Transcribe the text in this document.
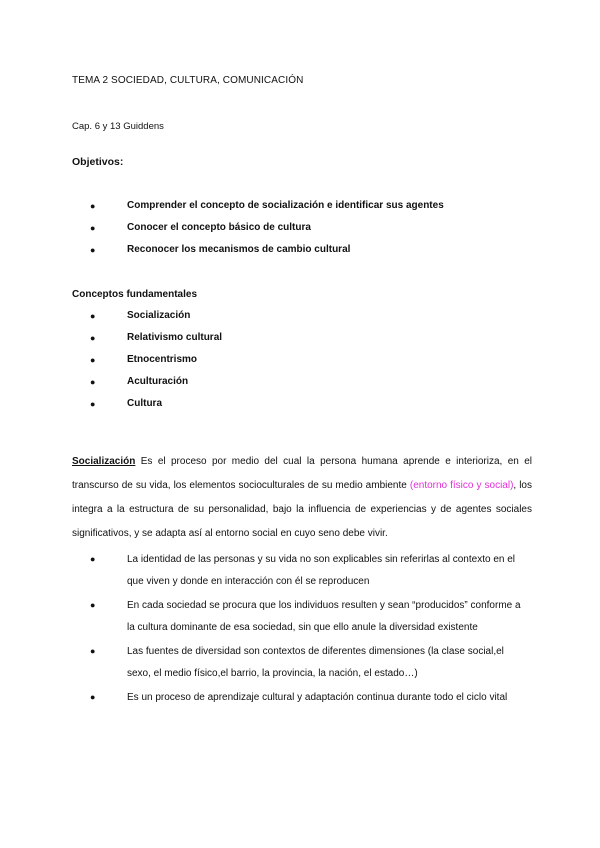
TEMA 2 SOCIEDAD, CULTURA, COMUNICACIÓN
Cap. 6 y 13 Guiddens
Objetivos:
●	Comprender el concepto de socialización e identificar sus agentes
●	Conocer el concepto básico de cultura
●	Reconocer los mecanismos de cambio cultural
Conceptos fundamentales
●	Socialización
●	Relativismo cultural
●	Etnocentrismo
●	Aculturación
●	Cultura

Socialización Es el proceso por medio del cual la persona humana aprende e interioriza, en el transcurso de su vida, los elementos socioculturales de su medio ambiente (entorno físico y social), los integra a la estructura de su personalidad, bajo la influencia de experiencias y de agentes sociales significativos, y se adapta así al entorno social en cuyo seno debe vivir.

●	La identidad de las personas y su vida no son explicables sin referirlas al contexto en el que viven y donde en interacción con él se reproducen
●	En cada sociedad se procura que los individuos resulten y sean “producidos” conforme a la cultura dominante de esa sociedad, sin que ello anule la diversidad existente
●	Las fuentes de diversidad son contextos de diferentes dimensiones (la clase social,el sexo, el medio físico,el barrio, la provincia, la nación, el estado…)
●	Es un proceso de aprendizaje cultural y adaptación continua durante todo el ciclo vital
